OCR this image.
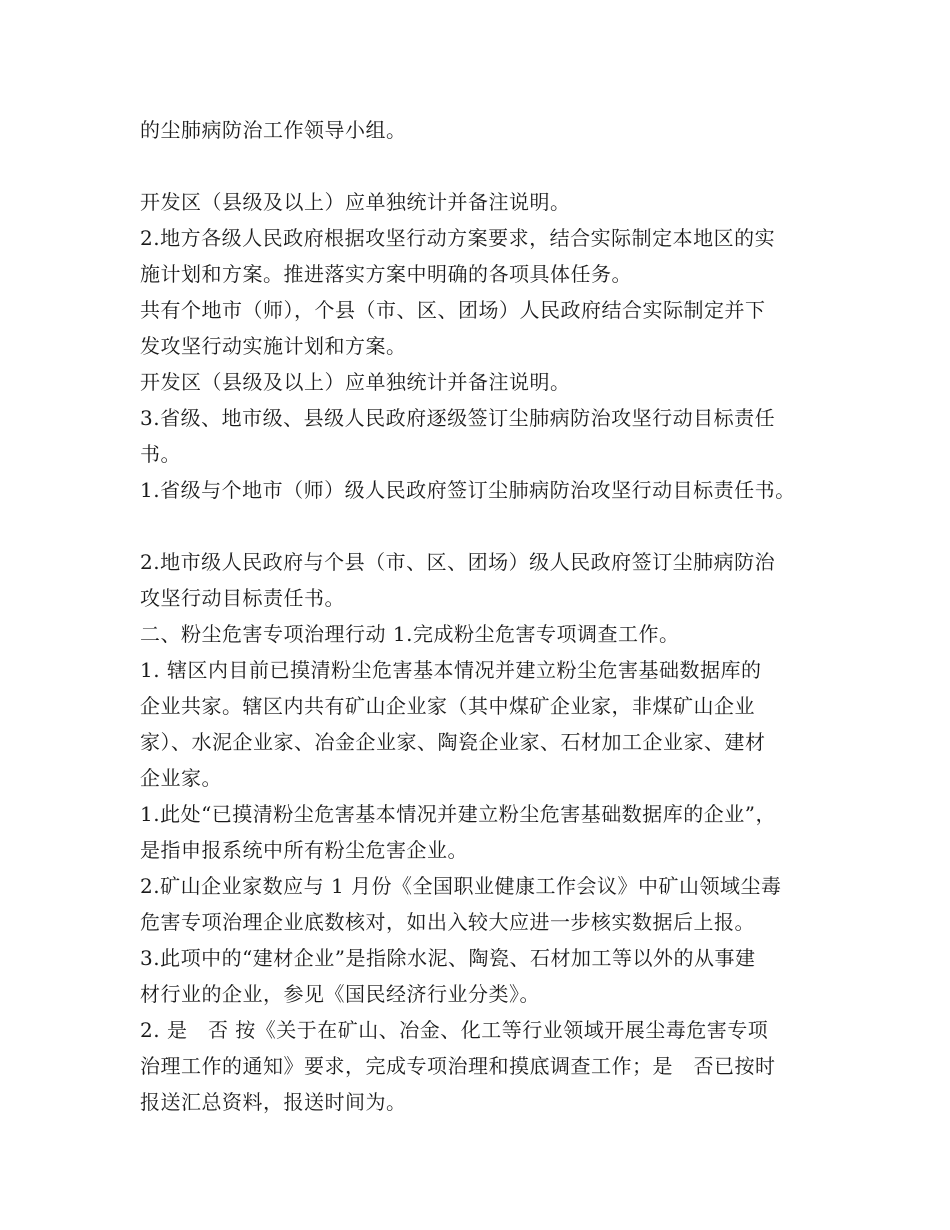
的尘肺病防治工作领导小组。
开发区（县级及以上）应单独统计并备注说明。
2.地方各级人民政府根据攻坚行动方案要求，结合实际制定本地区的实
施计划和方案。推进落实方案中明确的各项具体任务。
共有个地市（师），个县（市、区、团场）人民政府结合实际制定并下
发攻坚行动实施计划和方案。
开发区（县级及以上）应单独统计并备注说明。
3.省级、地市级、县级人民政府逐级签订尘肺病防治攻坚行动目标责任
书。
1.省级与个地市（师）级人民政府签订尘肺病防治攻坚行动目标责任书。
2.地市级人民政府与个县（市、区、团场）级人民政府签订尘肺病防治
攻坚行动目标责任书。
二、粉尘危害专项治理行动 1.完成粉尘危害专项调查工作。
1. 辖区内目前已摸清粉尘危害基本情况并建立粉尘危害基础数据库的
企业共家。辖区内共有矿山企业家（其中煤矿企业家，非煤矿山企业
家）、水泥企业家、冶金企业家、陶瓷企业家、石材加工企业家、建材
企业家。
1.此处“已摸清粉尘危害基本情况并建立粉尘危害基础数据库的企业”，
是指申报系统中所有粉尘危害企业。
2.矿山企业家数应与 1 月份《全国职业健康工作会议》中矿山领域尘毒
危害专项治理企业底数核对，如出入较大应进一步核实数据后上报。
3.此项中的“建材企业”是指除水泥、陶瓷、石材加工等以外的从事建
材行业的企业，参见《国民经济行业分类》。
2. 是　否 按《关于在矿山、冶金、化工等行业领域开展尘毒危害专项
治理工作的通知》要求，完成专项治理和摸底调查工作；是　否已按时
报送汇总资料，报送时间为。
